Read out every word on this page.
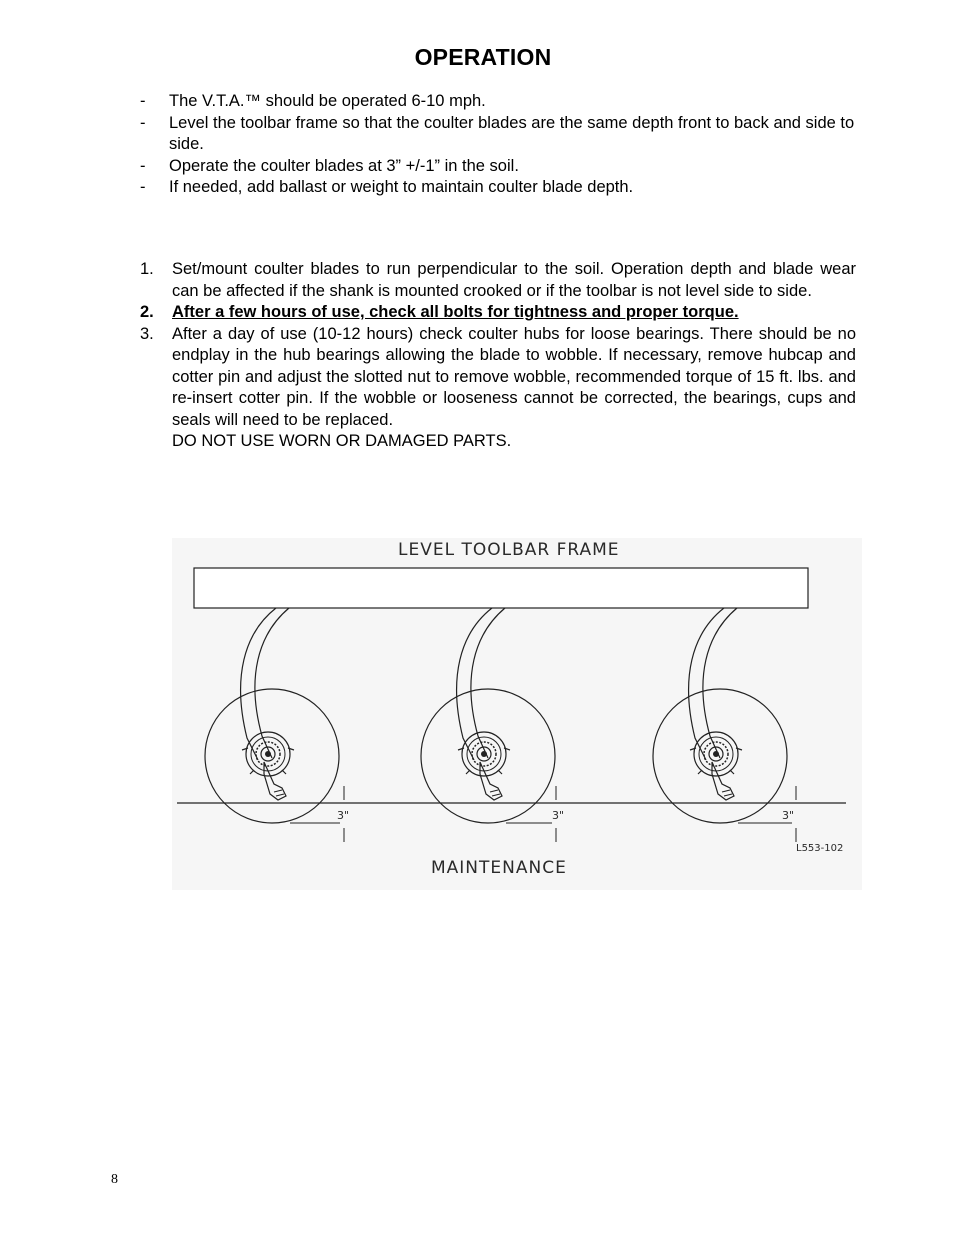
OPERATION
- The V.T.A.™ should be operated 6-10 mph.
- Level the toolbar frame so that the coulter blades are the same depth front to back and side to side.
- Operate the coulter blades at 3” +/-1” in the soil.
- If needed, add ballast or weight to maintain coulter blade depth.
1. Set/mount coulter blades to run perpendicular to the soil. Operation depth and blade wear can be affected if the shank is mounted crooked or if the toolbar is not level side to side.
2. After a few hours of use, check all bolts for tightness and proper torque.
3. After a day of use (10-12 hours) check coulter hubs for loose bearings. There should be no endplay in the hub bearings allowing the blade to wobble. If necessary, remove hubcap and cotter pin and adjust the slotted nut to remove wobble, recommended torque of 15 ft. lbs. and re-insert cotter pin. If the wobble or looseness cannot be corrected, the bearings, cups and seals will need to be replaced.
DO NOT USE WORN OR DAMAGED PARTS.
LEVEL TOOLBAR FRAME
3"	3"	3"
L553-102
MAINTENANCE
8
